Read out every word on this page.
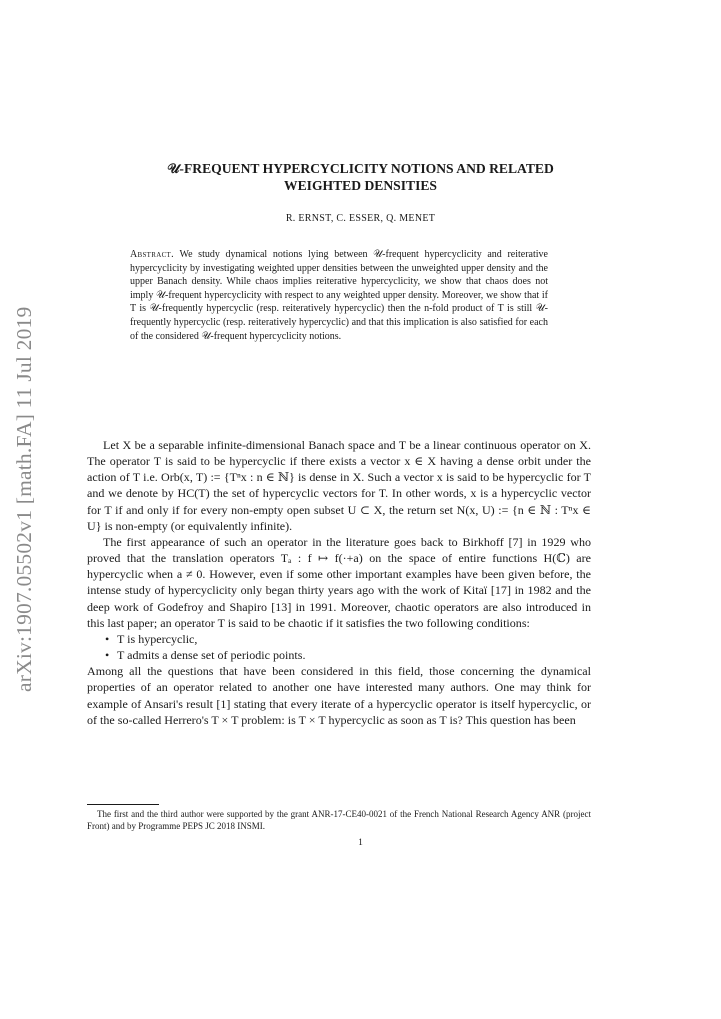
arXiv:1907.05502v1 [math.FA] 11 Jul 2019
𝒰-FREQUENT HYPERCYCLICITY NOTIONS AND RELATED
WEIGHTED DENSITIES
R. ERNST, C. ESSER, Q. MENET
Abstract. We study dynamical notions lying between 𝒰-frequent hypercyclicity and reiterative hypercyclicity by investigating weighted upper densities between the unweighted upper density and the upper Banach density. While chaos implies reiterative hypercyclicity, we show that chaos does not imply 𝒰-frequent hypercyclicity with respect to any weighted upper density. Moreover, we show that if T is 𝒰-frequently hypercyclic (resp. reiteratively hypercyclic) then the n-fold product of T is still 𝒰-frequently hypercyclic (resp. reiteratively hypercyclic) and that this implication is also satisfied for each of the considered 𝒰-frequent hypercyclicity notions.

Let X be a separable infinite-dimensional Banach space and T be a linear continuous operator on X. The operator T is said to be hypercyclic if there exists a vector x ∈ X having a dense orbit under the action of T i.e. Orb(x, T) := {Tⁿx : n ∈ ℕ} is dense in X. Such a vector x is said to be hypercyclic for T and we denote by HC(T) the set of hypercyclic vectors for T. In other words, x is a hypercyclic vector for T if and only if for every non-empty open subset U ⊂ X, the return set N(x, U) := {n ∈ ℕ : Tⁿx ∈ U} is non-empty (or equivalently infinite).

The first appearance of such an operator in the literature goes back to Birkhoff [7] in 1929 who proved that the translation operators Tₐ : f ↦ f(·+a) on the space of entire functions H(ℂ) are hypercyclic when a ≠ 0. However, even if some other important examples have been given before, the intense study of hypercyclicity only began thirty years ago with the work of Kitaï [17] in 1982 and the deep work of Godefroy and Shapiro [13] in 1991. Moreover, chaotic operators are also introduced in this last paper; an operator T is said to be chaotic if it satisfies the two following conditions:

• T is hypercyclic,
• T admits a dense set of periodic points.

Among all the questions that have been considered in this field, those concerning the dynamical properties of an operator related to another one have interested many authors. One may think for example of Ansari's result [1] stating that every iterate of a hypercyclic operator is itself hypercyclic, or of the so-called Herrero's T × T problem: is T × T hypercyclic as soon as T is? This question has been

The first and the third author were supported by the grant ANR-17-CE40-0021 of the French National Research Agency ANR (project Front) and by Programme PEPS JC 2018 INSMI.
1
